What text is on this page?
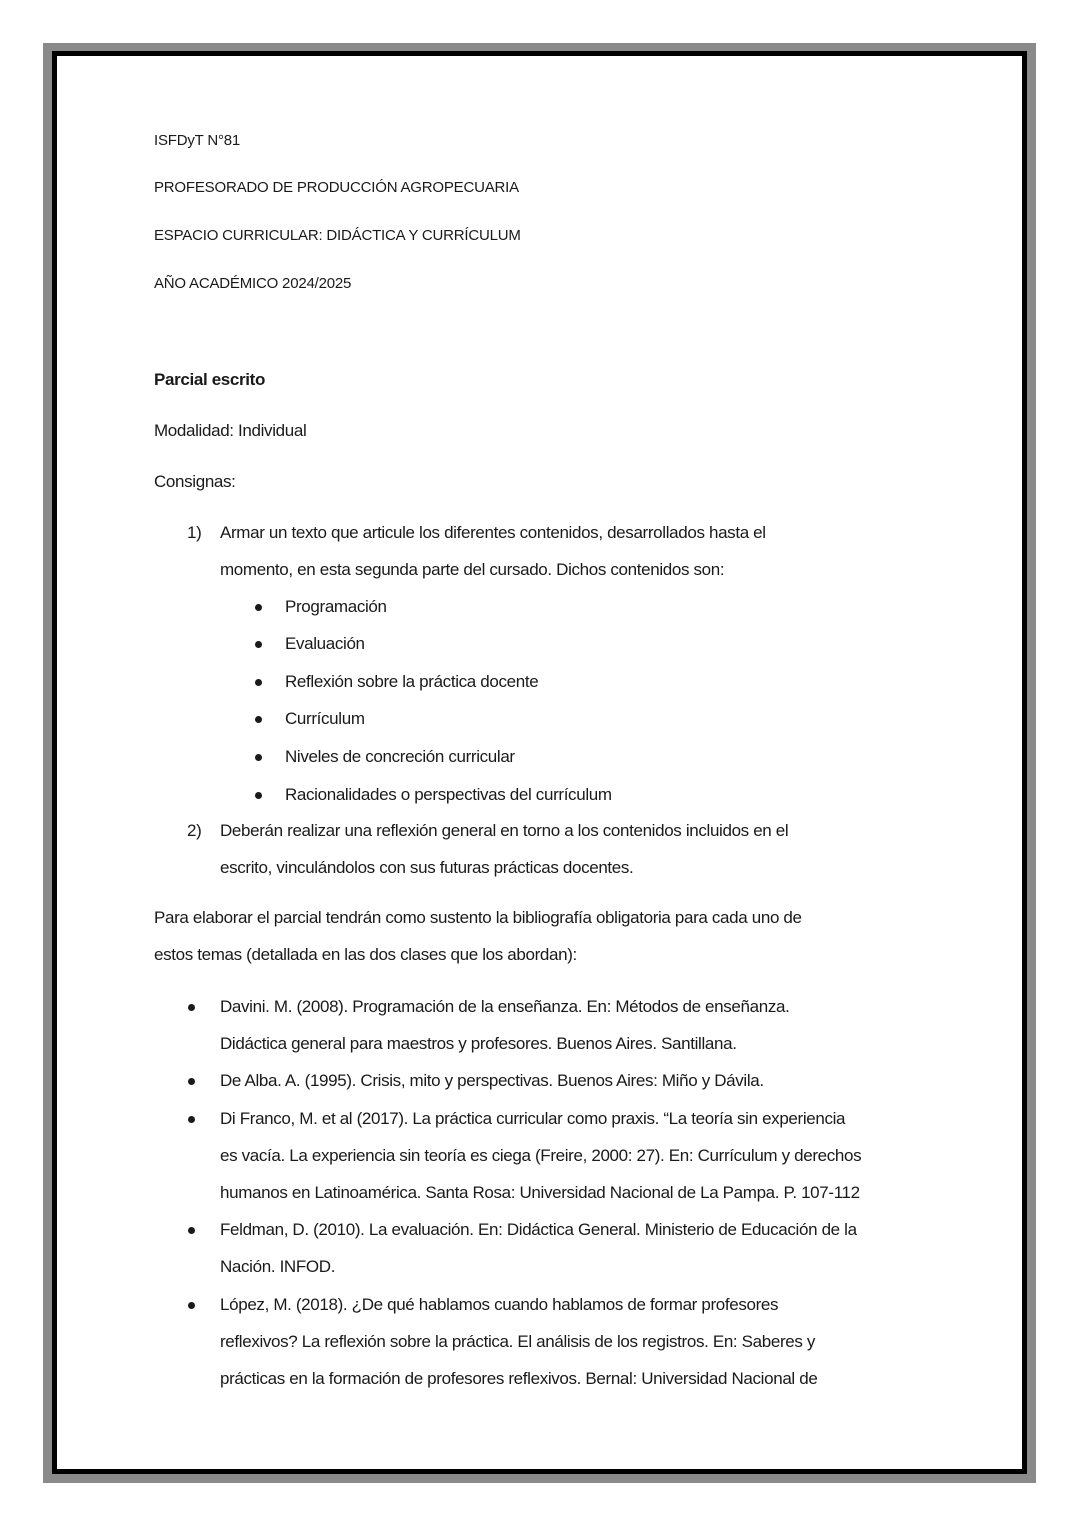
ISFDyT N°81
PROFESORADO DE PRODUCCIÓN AGROPECUARIA
ESPACIO CURRICULAR: DIDÁCTICA Y CURRÍCULUM
AÑO ACADÉMICO 2024/2025
Parcial escrito
Modalidad: Individual
Consignas:
1) Armar un texto que articule los diferentes contenidos, desarrollados hasta el
momento, en esta segunda parte del cursado. Dichos contenidos son:
Programación
Evaluación
Reflexión sobre la práctica docente
Currículum
Niveles de concreción curricular
Racionalidades o perspectivas del currículum
2) Deberán realizar una reflexión general en torno a los contenidos incluidos en el
escrito, vinculándolos con sus futuras prácticas docentes.
Para elaborar el parcial tendrán como sustento la bibliografía obligatoria para cada uno de
estos temas (detallada en las dos clases que los abordan):
Davini. M. (2008). Programación de la enseñanza. En: Métodos de enseñanza.
Didáctica general para maestros y profesores. Buenos Aires. Santillana.
De Alba. A. (1995). Crisis, mito y perspectivas. Buenos Aires: Miño y Dávila.
Di Franco, M. et al (2017). La práctica curricular como praxis. “La teoría sin experiencia
es vacía. La experiencia sin teoría es ciega (Freire, 2000: 27). En: Currículum y derechos
humanos en Latinoamérica. Santa Rosa: Universidad Nacional de La Pampa. P. 107-112
Feldman, D. (2010). La evaluación. En: Didáctica General. Ministerio de Educación de la
Nación. INFOD.
López, M. (2018). ¿De qué hablamos cuando hablamos de formar profesores
reflexivos? La reflexión sobre la práctica. El análisis de los registros. En: Saberes y
prácticas en la formación de profesores reflexivos. Bernal: Universidad Nacional de
